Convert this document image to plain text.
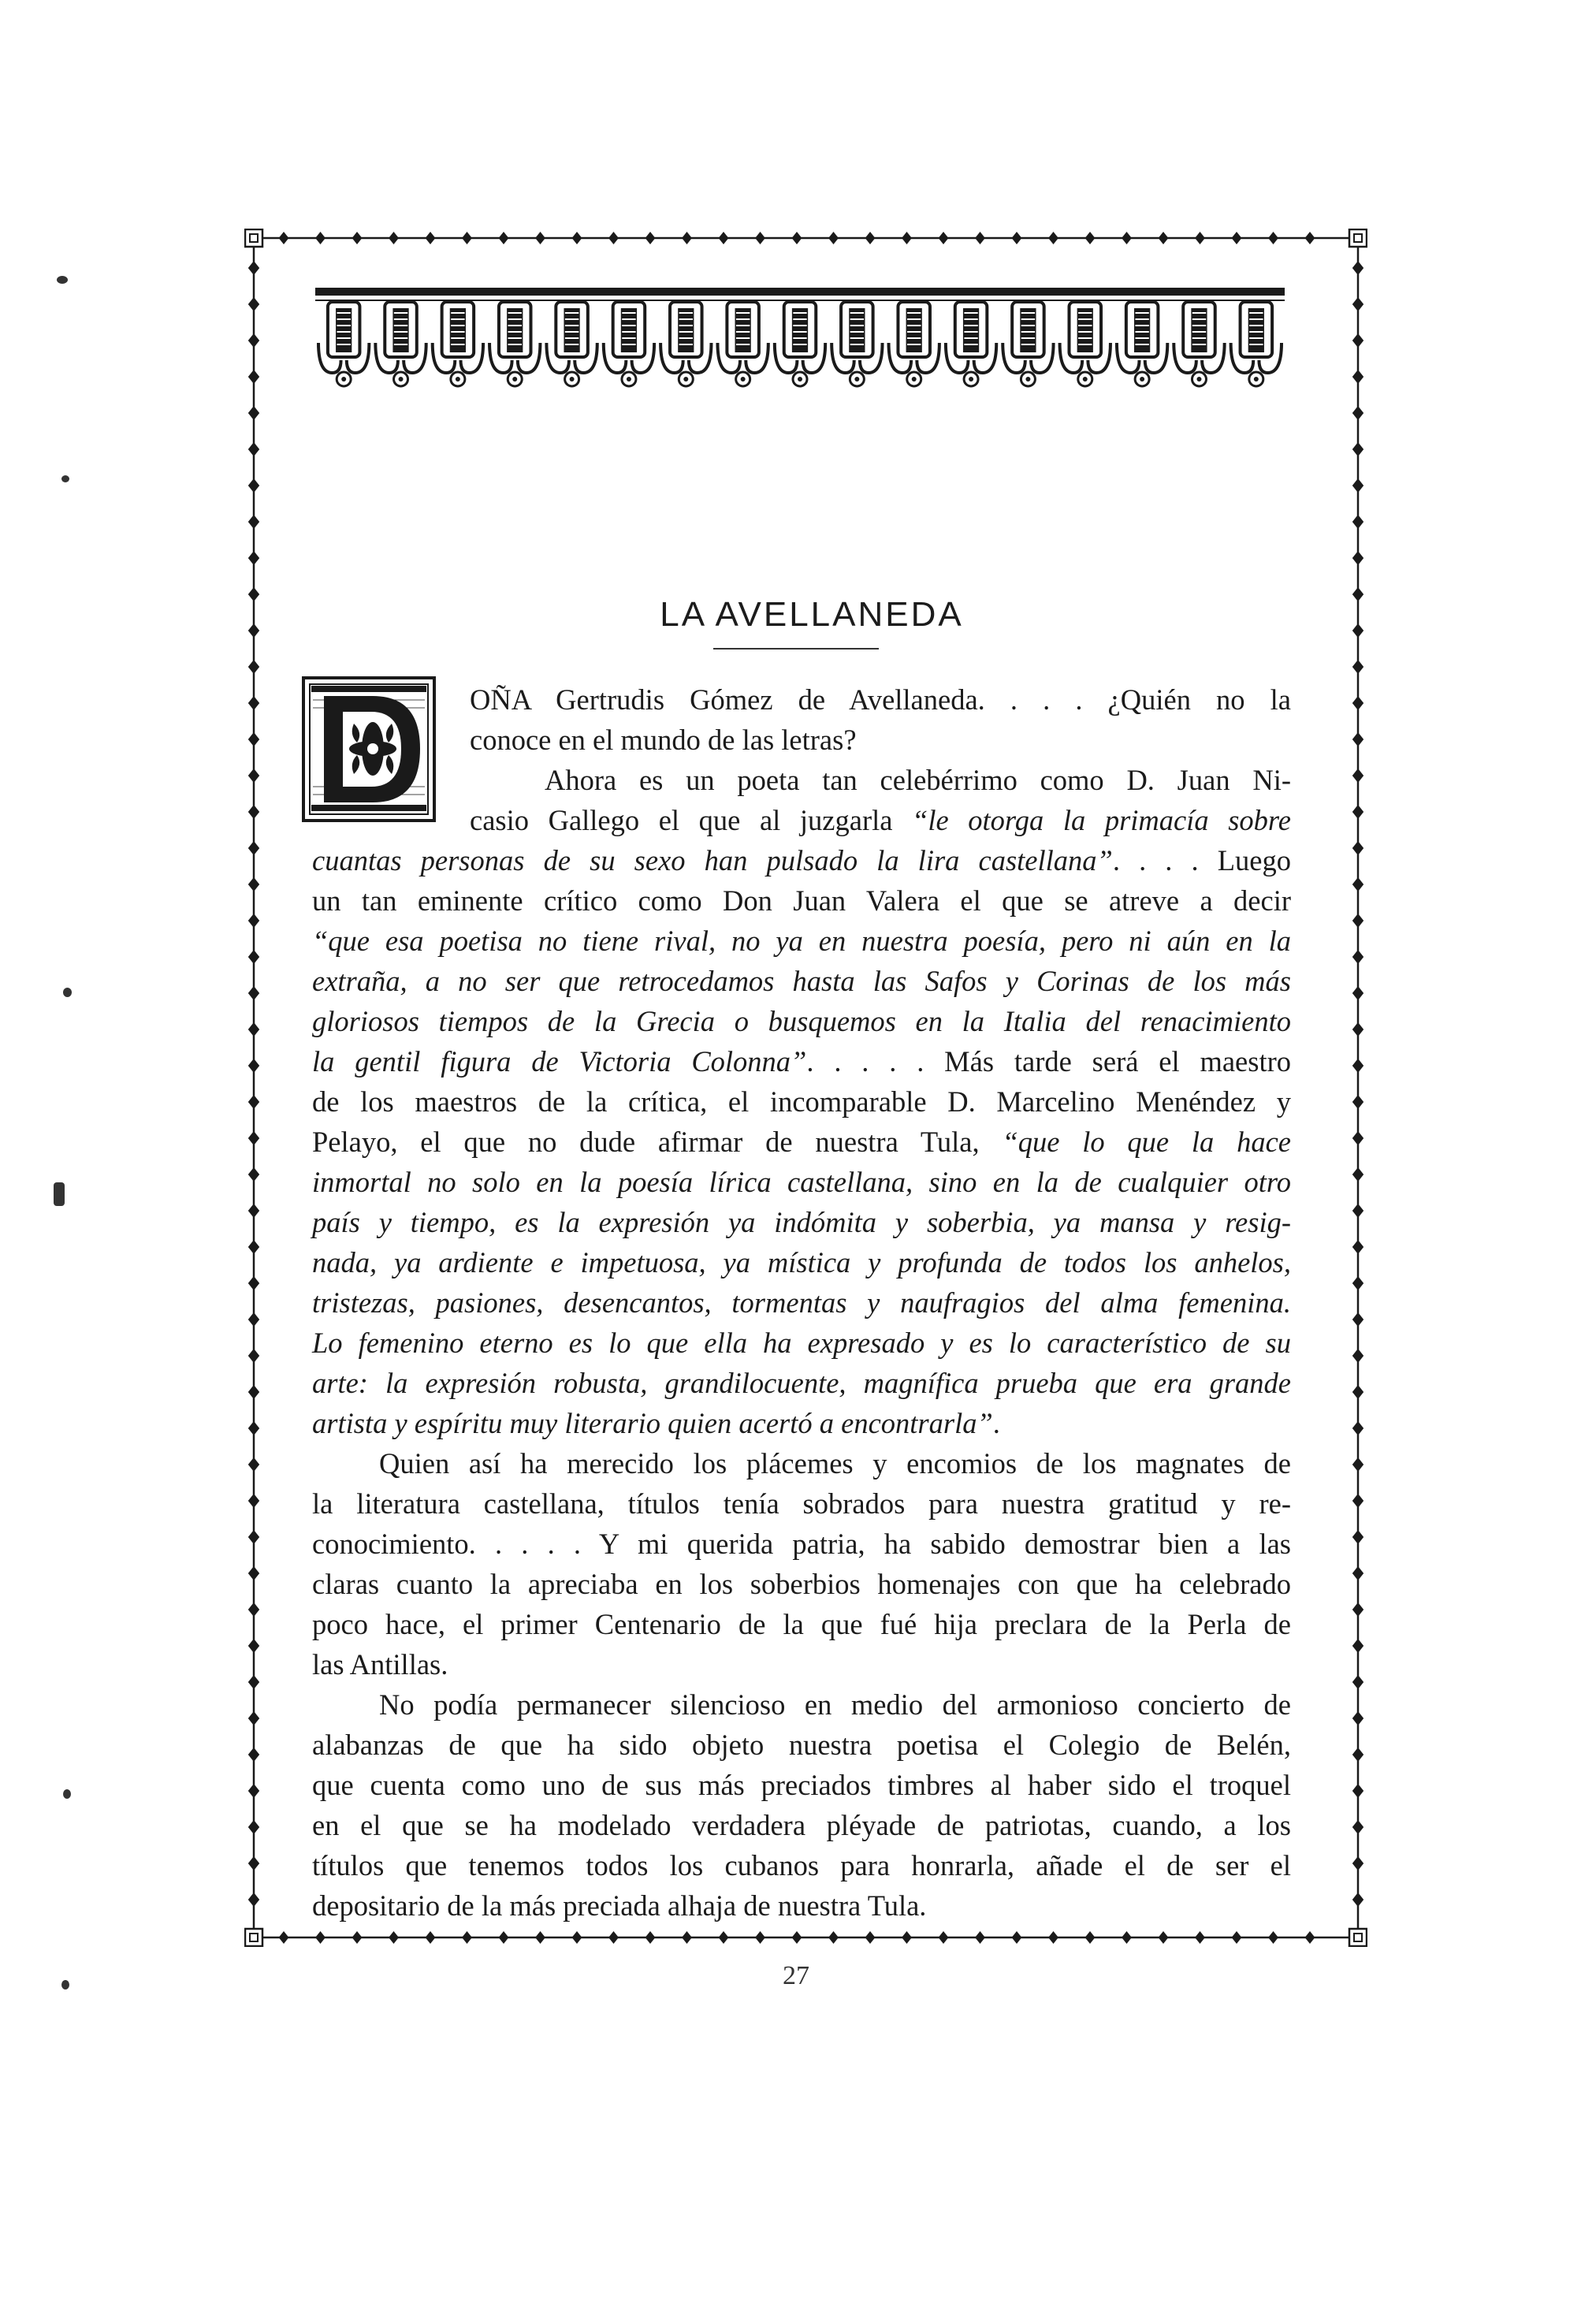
LA AVELLANEDA
OÑA Gertrudis Gómez de Avellaneda. . . . ¿Quién no la
conoce en el mundo de las letras?
Ahora es un poeta tan celebérrimo como D. Juan Ni-
casio Gallego el que al juzgarla “le otorga la primacía sobre
cuantas personas de su sexo han pulsado la lira castellana”. . . . Luego
un tan eminente crítico como Don Juan Valera el que se atreve a decir
“que esa poetisa no tiene rival, no ya en nuestra poesía, pero ni aún en la
extraña, a no ser que retrocedamos hasta las Safos y Corinas de los más
gloriosos tiempos de la Grecia o busquemos en la Italia del renacimiento
la gentil figura de Victoria Colonna”. . . . . Más tarde será el maestro
de los maestros de la crítica, el incomparable D. Marcelino Menéndez y
Pelayo, el que no dude afirmar de nuestra Tula, “que lo que la hace
inmortal no solo en la poesía lírica castellana, sino en la de cualquier otro
país y tiempo, es la expresión ya indómita y soberbia, ya mansa y resig-
nada, ya ardiente e impetuosa, ya mística y profunda de todos los anhelos,
tristezas, pasiones, desencantos, tormentas y naufragios del alma femenina.
Lo femenino eterno es lo que ella ha expresado y es lo característico de su
arte: la expresión robusta, grandilocuente, magnífica prueba que era grande
artista y espíritu muy literario quien acertó a encontrarla”.
Quien así ha merecido los plácemes y encomios de los magnates de
la literatura castellana, títulos tenía sobrados para nuestra gratitud y re-
conocimiento. . . . . Y mi querida patria, ha sabido demostrar bien a las
claras cuanto la apreciaba en los soberbios homenajes con que ha celebrado
poco hace, el primer Centenario de la que fué hija preclara de la Perla de
las Antillas.
No podía permanecer silencioso en medio del armonioso concierto de
alabanzas de que ha sido objeto nuestra poetisa el Colegio de Belén,
que cuenta como uno de sus más preciados timbres al haber sido el troquel
en el que se ha modelado verdadera pléyade de patriotas, cuando, a los
títulos que tenemos todos los cubanos para honrarla, añade el de ser el
depositario de la más preciada alhaja de nuestra Tula.
27
